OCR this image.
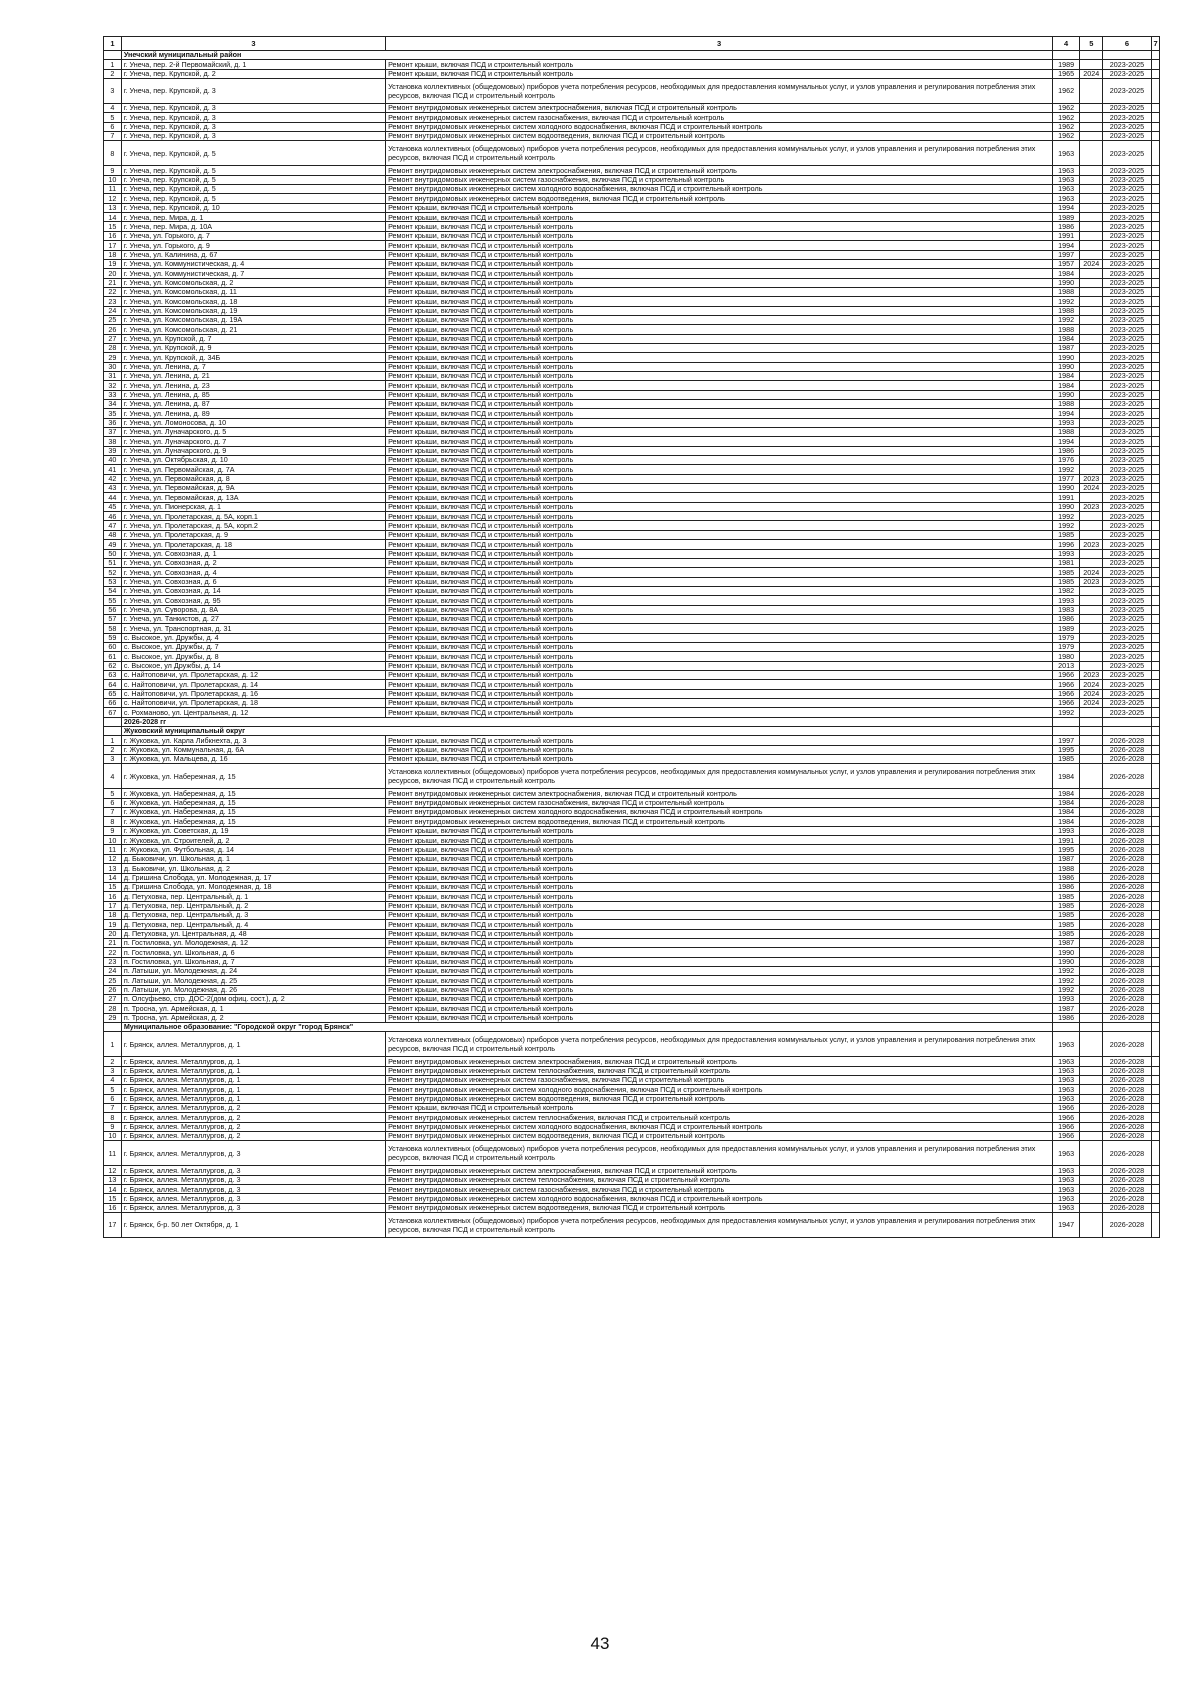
1	3	3	4	5	6	7
	Унечский муниципальный район					
1	г. Унеча, пер. 2-й Первомайский, д. 1	Ремонт крыши, включая ПСД и строительный контроль	1989		2023-2025	
2	г. Унеча, пер. Крупской, д. 2	Ремонт крыши, включая ПСД и строительный контроль	1965	2024	2023-2025	
3	г. Унеча, пер. Крупской, д. 3	Установка коллективных (общедомовых) приборов учета потребления ресурсов, необходимых для предоставления коммунальных услуг, и узлов управления и регулирования потребления этих ресурсов, включая ПСД и строительный контроль	1962		2023-2025	
4	г. Унеча, пер. Крупской, д. 3	Ремонт внутридомовых инженерных систем электроснабжения, включая ПСД и строительный контроль	1962		2023-2025	
5	г. Унеча, пер. Крупской, д. 3	Ремонт внутридомовых инженерных систем газоснабжения, включая ПСД и строительный контроль	1962		2023-2025	
6	г. Унеча, пер. Крупской, д. 3	Ремонт внутридомовых инженерных систем холодного водоснабжения, включая ПСД и строительный контроль	1962		2023-2025	
7	г. Унеча, пер. Крупской, д. 3	Ремонт внутридомовых инженерных систем водоотведения, включая ПСД и строительный контроль	1962		2023-2025	
8	г. Унеча, пер. Крупской, д. 5	Установка коллективных (общедомовых) приборов учета потребления ресурсов, необходимых для предоставления коммунальных услуг, и узлов управления и регулирования потребления этих ресурсов, включая ПСД и строительный контроль	1963		2023-2025	
9	г. Унеча, пер. Крупской, д. 5	Ремонт внутридомовых инженерных систем электроснабжения, включая ПСД и строительный контроль	1963		2023-2025	
10	г. Унеча, пер. Крупской, д. 5	Ремонт внутридомовых инженерных систем газоснабжения, включая ПСД и строительный контроль	1963		2023-2025	
11	г. Унеча, пер. Крупской, д. 5	Ремонт внутридомовых инженерных систем холодного водоснабжения, включая ПСД и строительный контроль	1963		2023-2025	
12	г. Унеча, пер. Крупской, д. 5	Ремонт внутридомовых инженерных систем водоотведения, включая ПСД и строительный контроль	1963		2023-2025	
13	г. Унеча, пер. Крупской, д. 10	Ремонт крыши, включая ПСД и строительный контроль	1994		2023-2025	
14	г. Унеча, пер. Мира, д. 1	Ремонт крыши, включая ПСД и строительный контроль	1989		2023-2025	
15	г. Унеча, пер. Мира, д. 10А	Ремонт крыши, включая ПСД и строительный контроль	1986		2023-2025	
16	г. Унеча, ул. Горького, д. 7	Ремонт крыши, включая ПСД и строительный контроль	1991		2023-2025	
17	г. Унеча, ул. Горького, д. 9	Ремонт крыши, включая ПСД и строительный контроль	1994		2023-2025	
18	г. Унеча, ул. Калинина, д. 67	Ремонт крыши, включая ПСД и строительный контроль	1997		2023-2025	
19	г. Унеча, ул. Коммунистическая, д. 4	Ремонт крыши, включая ПСД и строительный контроль	1957	2024	2023-2025	
20	г. Унеча, ул. Коммунистическая, д. 7	Ремонт крыши, включая ПСД и строительный контроль	1984		2023-2025	
21	г. Унеча, ул. Комсомольская, д. 2	Ремонт крыши, включая ПСД и строительный контроль	1990		2023-2025	
22	г. Унеча, ул. Комсомольская, д. 11	Ремонт крыши, включая ПСД и строительный контроль	1988		2023-2025	
23	г. Унеча, ул. Комсомольская, д. 18	Ремонт крыши, включая ПСД и строительный контроль	1992		2023-2025	
24	г. Унеча, ул. Комсомольская, д. 19	Ремонт крыши, включая ПСД и строительный контроль	1988		2023-2025	
25	г. Унеча, ул. Комсомольская, д. 19А	Ремонт крыши, включая ПСД и строительный контроль	1992		2023-2025	
26	г. Унеча, ул. Комсомольская, д. 21	Ремонт крыши, включая ПСД и строительный контроль	1988		2023-2025	
27	г. Унеча, ул. Крупской, д. 7	Ремонт крыши, включая ПСД и строительный контроль	1984		2023-2025	
28	г. Унеча, ул. Крупской, д. 9	Ремонт крыши, включая ПСД и строительный контроль	1987		2023-2025	
29	г. Унеча, ул. Крупской, д. 34Б	Ремонт крыши, включая ПСД и строительный контроль	1990		2023-2025	
30	г. Унеча, ул. Ленина, д. 7	Ремонт крыши, включая ПСД и строительный контроль	1990		2023-2025	
31	г. Унеча, ул. Ленина, д. 21	Ремонт крыши, включая ПСД и строительный контроль	1984		2023-2025	
32	г. Унеча, ул. Ленина, д. 23	Ремонт крыши, включая ПСД и строительный контроль	1984		2023-2025	
33	г. Унеча, ул. Ленина, д. 85	Ремонт крыши, включая ПСД и строительный контроль	1990		2023-2025	
34	г. Унеча, ул. Ленина, д. 87	Ремонт крыши, включая ПСД и строительный контроль	1988		2023-2025	
35	г. Унеча, ул. Ленина, д. 89	Ремонт крыши, включая ПСД и строительный контроль	1994		2023-2025	
36	г. Унеча, ул. Ломоносова, д. 10	Ремонт крыши, включая ПСД и строительный контроль	1993		2023-2025	
37	г. Унеча, ул. Луначарского, д. 5	Ремонт крыши, включая ПСД и строительный контроль	1988		2023-2025	
38	г. Унеча, ул. Луначарского, д. 7	Ремонт крыши, включая ПСД и строительный контроль	1994		2023-2025	
39	г. Унеча, ул. Луначарского, д. 9	Ремонт крыши, включая ПСД и строительный контроль	1986		2023-2025	
40	г. Унеча, ул. Октябрьская, д. 10	Ремонт крыши, включая ПСД и строительный контроль	1976		2023-2025	
41	г. Унеча, ул. Первомайская, д. 7А	Ремонт крыши, включая ПСД и строительный контроль	1992		2023-2025	
42	г. Унеча, ул. Первомайская, д. 8	Ремонт крыши, включая ПСД и строительный контроль	1977	2023	2023-2025	
43	г. Унеча, ул. Первомайская, д. 9А	Ремонт крыши, включая ПСД и строительный контроль	1990	2024	2023-2025	
44	г. Унеча, ул. Первомайская, д. 13А	Ремонт крыши, включая ПСД и строительный контроль	1991		2023-2025	
45	г. Унеча, ул. Пионерская, д. 1	Ремонт крыши, включая ПСД и строительный контроль	1990	2023	2023-2025	
46	г. Унеча, ул. Пролетарская, д. 5А, корп.1	Ремонт крыши, включая ПСД и строительный контроль	1992		2023-2025	
47	г. Унеча, ул. Пролетарская, д. 5А, корп.2	Ремонт крыши, включая ПСД и строительный контроль	1992		2023-2025	
48	г. Унеча, ул. Пролетарская, д. 9	Ремонт крыши, включая ПСД и строительный контроль	1985		2023-2025	
49	г. Унеча, ул. Пролетарская, д. 18	Ремонт крыши, включая ПСД и строительный контроль	1996	2023	2023-2025	
50	г. Унеча, ул. Совхозная, д. 1	Ремонт крыши, включая ПСД и строительный контроль	1993		2023-2025	
51	г. Унеча, ул. Совхозная, д. 2	Ремонт крыши, включая ПСД и строительный контроль	1981		2023-2025	
52	г. Унеча, ул. Совхозная, д. 4	Ремонт крыши, включая ПСД и строительный контроль	1985	2024	2023-2025	
53	г. Унеча, ул. Совхозная, д. 6	Ремонт крыши, включая ПСД и строительный контроль	1985	2023	2023-2025	
54	г. Унеча, ул. Совхозная, д. 14	Ремонт крыши, включая ПСД и строительный контроль	1982		2023-2025	
55	г. Унеча, ул. Совхозная, д. 95	Ремонт крыши, включая ПСД и строительный контроль	1993		2023-2025	
56	г. Унеча, ул. Суворова, д. 8А	Ремонт крыши, включая ПСД и строительный контроль	1983		2023-2025	
57	г. Унеча, ул. Танкистов, д. 27	Ремонт крыши, включая ПСД и строительный контроль	1986		2023-2025	
58	г. Унеча, ул. Транспортная, д. 31	Ремонт крыши, включая ПСД и строительный контроль	1989		2023-2025	
59	с. Высокое, ул. Дружбы, д. 4	Ремонт крыши, включая ПСД и строительный контроль	1979		2023-2025	
60	с. Высокое, ул. Дружбы, д. 7	Ремонт крыши, включая ПСД и строительный контроль	1979		2023-2025	
61	с. Высокое, ул. Дружбы, д. 8	Ремонт крыши, включая ПСД и строительный контроль	1980		2023-2025	
62	с. Высокое, ул Дружбы, д. 14	Ремонт крыши, включая ПСД и строительный контроль	2013		2023-2025	
63	с. Найтоповичи, ул. Пролетарская, д. 12	Ремонт крыши, включая ПСД и строительный контроль	1966	2023	2023-2025	
64	с. Найтоповичи, ул. Пролетарская, д. 14	Ремонт крыши, включая ПСД и строительный контроль	1966	2024	2023-2025	
65	с. Найтоповичи, ул. Пролетарская, д. 16	Ремонт крыши, включая ПСД и строительный контроль	1966	2024	2023-2025	
66	с. Найтоповичи, ул. Пролетарская, д. 18	Ремонт крыши, включая ПСД и строительный контроль	1966	2024	2023-2025	
67	с. Рохманово, ул. Центральная, д. 12	Ремонт крыши, включая ПСД и строительный контроль	1992		2023-2025	
	2026-2028 гг					
	Жуковский муниципальный округ					
1	г. Жуковка, ул. Карла Либкнехта, д. 3	Ремонт крыши, включая ПСД и строительный контроль	1997		2026-2028	
2	г. Жуковка, ул. Коммунальная, д. 6А	Ремонт крыши, включая ПСД и строительный контроль	1995		2026-2028	
3	г. Жуковка, ул. Мальцева, д. 16	Ремонт крыши, включая ПСД и строительный контроль	1985		2026-2028	
4	г. Жуковка, ул. Набережная, д. 15	Установка коллективных (общедомовых) приборов учета потребления ресурсов, необходимых для предоставления коммунальных услуг, и узлов управления и регулирования потребления этих ресурсов, включая ПСД и строительный контроль	1984		2026-2028	
5	г. Жуковка, ул. Набережная, д. 15	Ремонт внутридомовых инженерных систем электроснабжения, включая ПСД и строительный контроль	1984		2026-2028	
6	г. Жуковка, ул. Набережная, д. 15	Ремонт внутридомовых инженерных систем газоснабжения, включая ПСД и строительный контроль	1984		2026-2028	
7	г. Жуковка, ул. Набережная, д. 15	Ремонт внутридомовых инженерных систем холодного водоснабжения, включая ПСД и строительный контроль	1984		2026-2028	
8	г. Жуковка, ул. Набережная, д. 15	Ремонт внутридомовых инженерных систем водоотведения, включая ПСД и строительный контроль	1984		2026-2028	
9	г. Жуковка, ул. Советская, д. 19	Ремонт крыши, включая ПСД и строительный контроль	1993		2026-2028	
10	г. Жуковка, ул. Строителей, д. 2	Ремонт крыши, включая ПСД и строительный контроль	1991		2026-2028	
11	г. Жуковка, ул. Футбольная, д. 14	Ремонт крыши, включая ПСД и строительный контроль	1995		2026-2028	
12	д. Быковичи, ул. Школьная, д. 1	Ремонт крыши, включая ПСД и строительный контроль	1987		2026-2028	
13	д. Быковичи, ул. Школьная, д. 2	Ремонт крыши, включая ПСД и строительный контроль	1988		2026-2028	
14	д. Гришина Слобода, ул. Молодежная, д. 17	Ремонт крыши, включая ПСД и строительный контроль	1986		2026-2028	
15	д. Гришина Слобода, ул. Молодежная, д. 18	Ремонт крыши, включая ПСД и строительный контроль	1986		2026-2028	
16	д. Петуховка, пер. Центральный, д. 1	Ремонт крыши, включая ПСД и строительный контроль	1985		2026-2028	
17	д. Петуховка, пер. Центральный, д. 2	Ремонт крыши, включая ПСД и строительный контроль	1985		2026-2028	
18	д. Петуховка, пер. Центральный, д. 3	Ремонт крыши, включая ПСД и строительный контроль	1985		2026-2028	
19	д. Петуховка, пер. Центральный, д. 4	Ремонт крыши, включая ПСД и строительный контроль	1985		2026-2028	
20	д. Петуховка, ул. Центральная, д. 48	Ремонт крыши, включая ПСД и строительный контроль	1985		2026-2028	
21	п. Гостиловка, ул. Молодежная, д. 12	Ремонт крыши, включая ПСД и строительный контроль	1987		2026-2028	
22	п. Гостиловка, ул. Школьная, д. 6	Ремонт крыши, включая ПСД и строительный контроль	1990		2026-2028	
23	п. Гостиловка, ул. Школьная, д. 7	Ремонт крыши, включая ПСД и строительный контроль	1990		2026-2028	
24	п. Латыши, ул. Молодежная, д. 24	Ремонт крыши, включая ПСД и строительный контроль	1992		2026-2028	
25	п. Латыши, ул. Молодежная, д. 25	Ремонт крыши, включая ПСД и строительный контроль	1992		2026-2028	
26	п. Латыши, ул. Молодежная, д. 26	Ремонт крыши, включая ПСД и строительный контроль	1992		2026-2028	
27	п. Олсуфьево, стр. ДОС-2(дом офиц. сост.), д. 2	Ремонт крыши, включая ПСД и строительный контроль	1993		2026-2028	
28	п. Тросна, ул. Армейская, д. 1	Ремонт крыши, включая ПСД и строительный контроль	1987		2026-2028	
29	п. Тросна, ул. Армейская, д. 2	Ремонт крыши, включая ПСД и строительный контроль	1986		2026-2028	
	Муниципальное образование: "Городской округ "город Брянск"					
1	г. Брянск, аллея. Металлургов, д. 1	Установка коллективных (общедомовых) приборов учета потребления ресурсов, необходимых для предоставления коммунальных услуг, и узлов управления и регулирования потребления этих ресурсов, включая ПСД и строительный контроль	1963		2026-2028	
2	г. Брянск, аллея. Металлургов, д. 1	Ремонт внутридомовых инженерных систем электроснабжения, включая ПСД и строительный контроль	1963		2026-2028	
3	г. Брянск, аллея. Металлургов, д. 1	Ремонт внутридомовых инженерных систем теплоснабжения, включая ПСД и строительный контроль	1963		2026-2028	
4	г. Брянск, аллея. Металлургов, д. 1	Ремонт внутридомовых инженерных систем газоснабжения, включая ПСД и строительный контроль	1963		2026-2028	
5	г. Брянск, аллея. Металлургов, д. 1	Ремонт внутридомовых инженерных систем холодного водоснабжения, включая ПСД и строительный контроль	1963		2026-2028	
6	г. Брянск, аллея. Металлургов, д. 1	Ремонт внутридомовых инженерных систем водоотведения, включая ПСД и строительный контроль	1963		2026-2028	
7	г. Брянск, аллея. Металлургов, д. 2	Ремонт крыши, включая ПСД и строительный контроль	1966		2026-2028	
8	г. Брянск, аллея. Металлургов, д. 2	Ремонт внутридомовых инженерных систем теплоснабжения, включая ПСД и строительный контроль	1966		2026-2028	
9	г. Брянск, аллея. Металлургов, д. 2	Ремонт внутридомовых инженерных систем холодного водоснабжения, включая ПСД и строительный контроль	1966		2026-2028	
10	г. Брянск, аллея. Металлургов, д. 2	Ремонт внутридомовых инженерных систем водоотведения, включая ПСД и строительный контроль	1966		2026-2028	
11	г. Брянск, аллея. Металлургов, д. 3	Установка коллективных (общедомовых) приборов учета потребления ресурсов, необходимых для предоставления коммунальных услуг, и узлов управления и регулирования потребления этих ресурсов, включая ПСД и строительный контроль	1963		2026-2028	
12	г. Брянск, аллея. Металлургов, д. 3	Ремонт внутридомовых инженерных систем электроснабжения, включая ПСД и строительный контроль	1963		2026-2028	
13	г. Брянск, аллея. Металлургов, д. 3	Ремонт внутридомовых инженерных систем теплоснабжения, включая ПСД и строительный контроль	1963		2026-2028	
14	г. Брянск, аллея. Металлургов, д. 3	Ремонт внутридомовых инженерных систем газоснабжения, включая ПСД и строительный контроль	1963		2026-2028	
15	г. Брянск, аллея. Металлургов, д. 3	Ремонт внутридомовых инженерных систем холодного водоснабжения, включая ПСД и строительный контроль	1963		2026-2028	
16	г. Брянск, аллея. Металлургов, д. 3	Ремонт внутридомовых инженерных систем водоотведения, включая ПСД и строительный контроль	1963		2026-2028	
17	г. Брянск, б-р. 50 лет Октября, д. 1	Установка коллективных (общедомовых) приборов учета потребления ресурсов, необходимых для предоставления коммунальных услуг, и узлов управления и регулирования потребления этих ресурсов, включая ПСД и строительный контроль	1947		2026-2028	
43
